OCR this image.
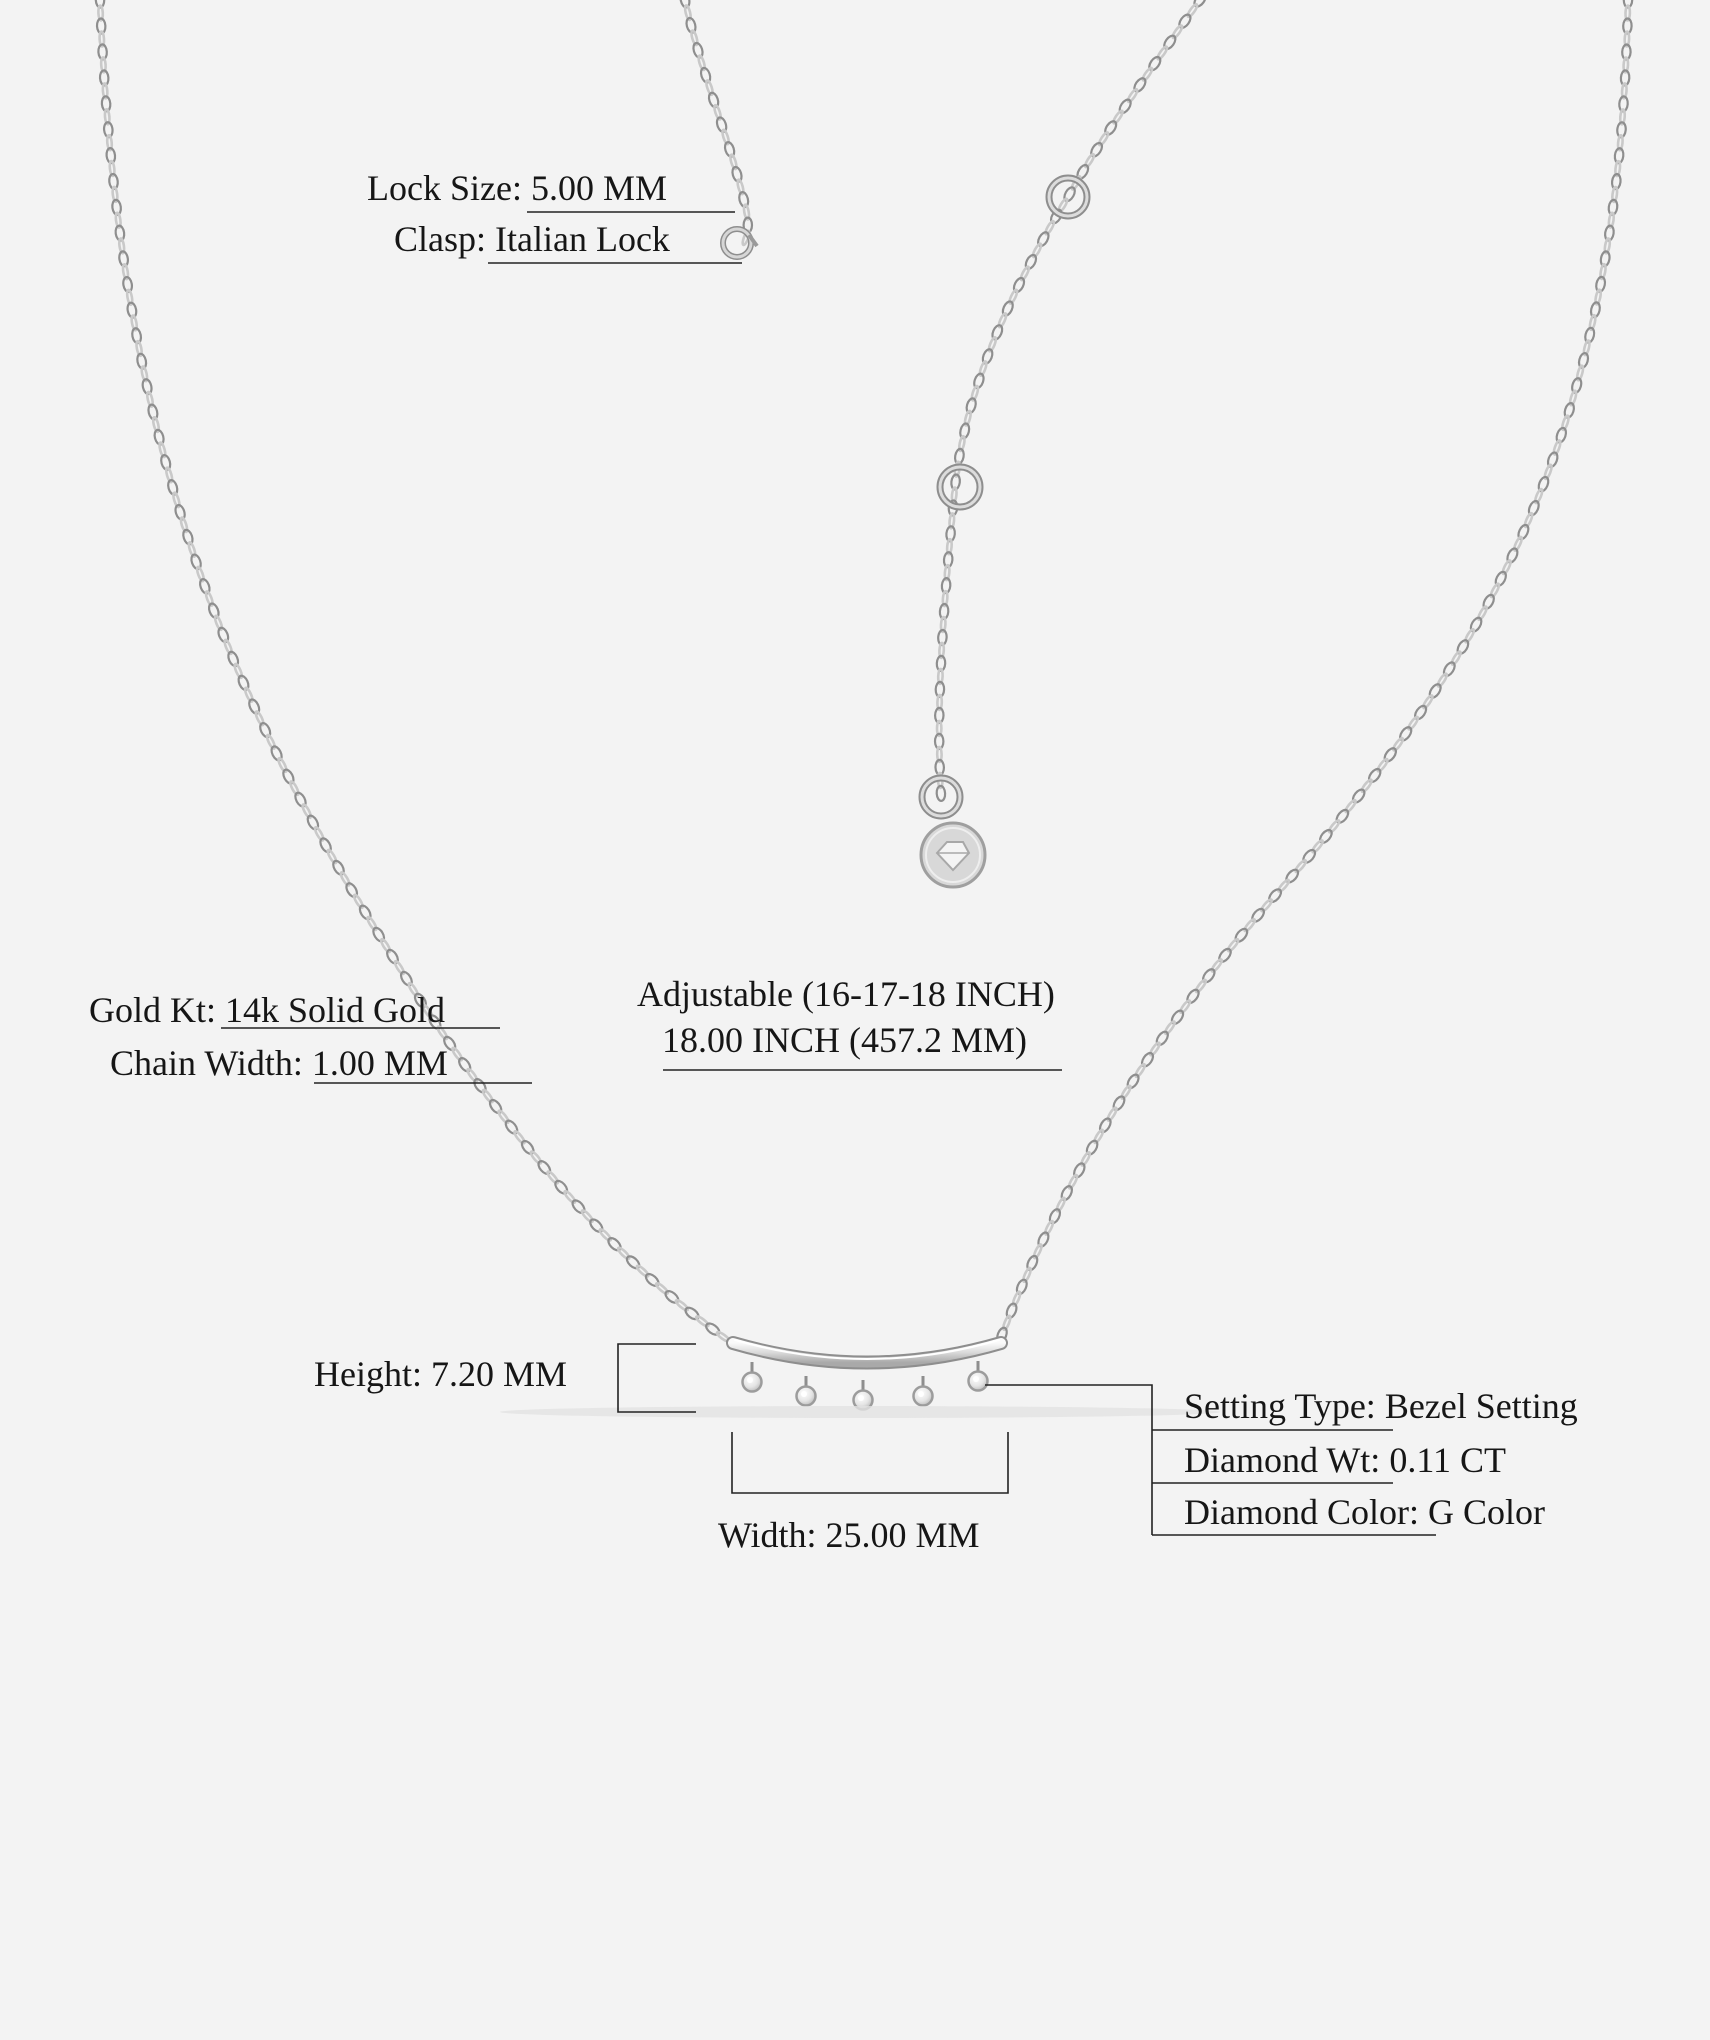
Lock Size: 5.00 MM
Clasp: Italian Lock
Gold Kt: 14k Solid Gold
Chain Width: 1.00 MM
Adjustable (16-17-18 INCH)
18.00 INCH (457.2 MM)
Height: 7.20 MM
Width: 25.00 MM
Setting Type: Bezel Setting
Diamond Wt: 0.11 CT
Diamond Color: G Color
